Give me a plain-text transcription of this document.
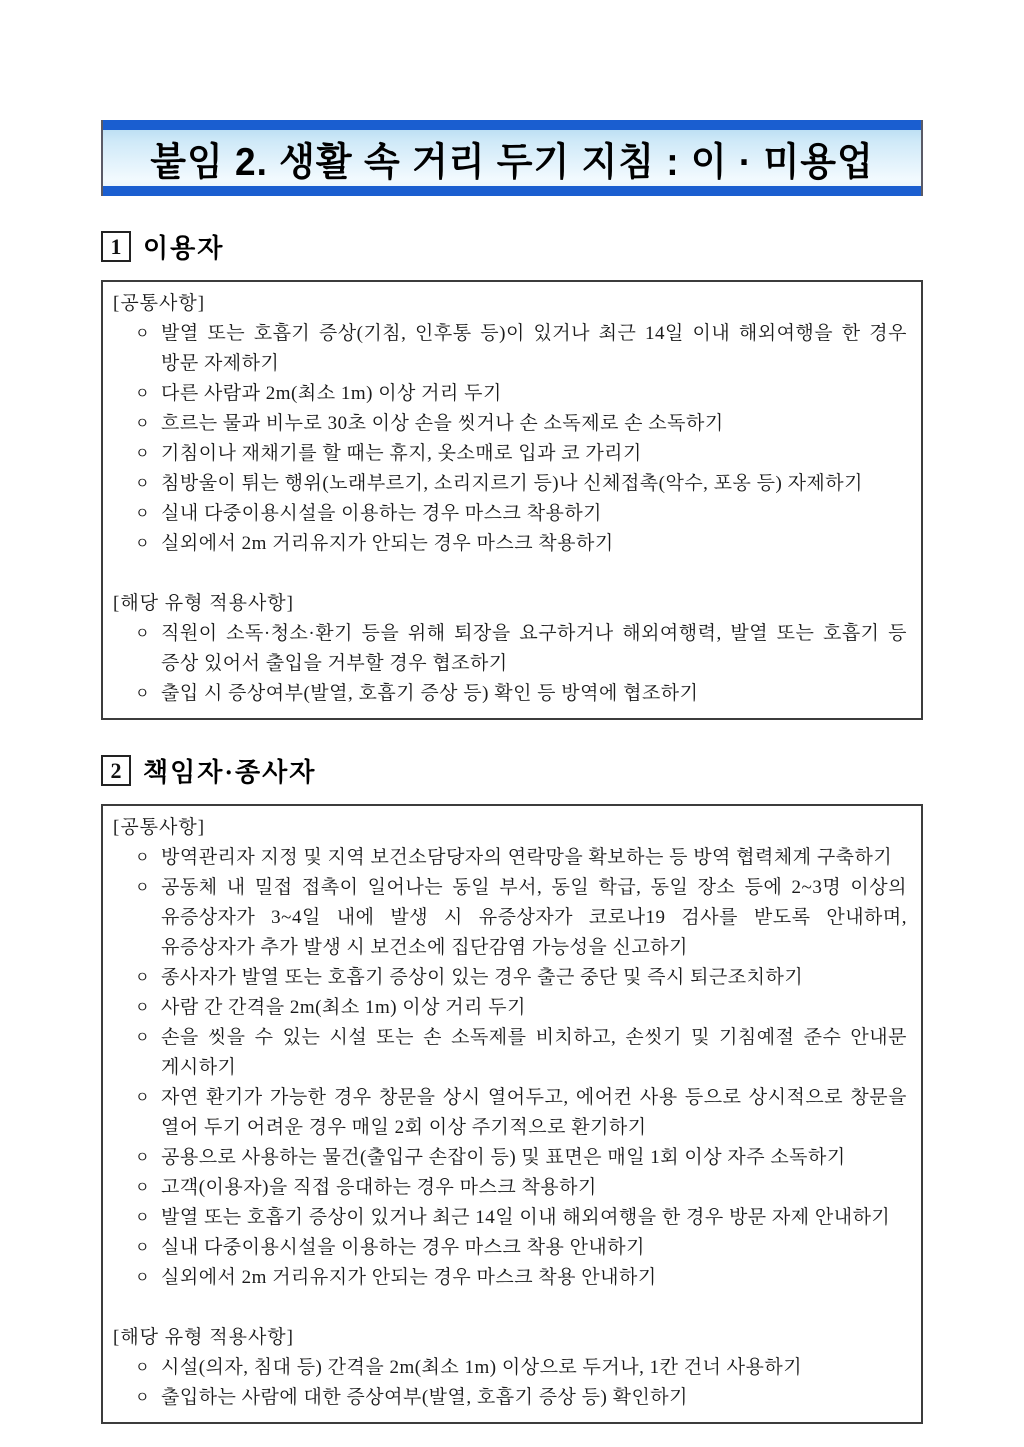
붙임 2. 생활 속 거리 두기 지침 : 이 · 미용업
1 이용자
[공통사항]
ㅇ 발열 또는 호흡기 증상(기침, 인후통 등)이 있거나 최근 14일 이내 해외여행을 한 경우 방문 자제하기
ㅇ 다른 사람과 2m(최소 1m) 이상 거리 두기
ㅇ 흐르는 물과 비누로 30초 이상 손을 씻거나 손 소독제로 손 소독하기
ㅇ 기침이나 재채기를 할 때는 휴지, 옷소매로 입과 코 가리기
ㅇ 침방울이 튀는 행위(노래부르기, 소리지르기 등)나 신체접촉(악수, 포옹 등) 자제하기
ㅇ 실내 다중이용시설을 이용하는 경우 마스크 착용하기
ㅇ 실외에서 2m 거리유지가 안되는 경우 마스크 착용하기
[해당 유형 적용사항]
ㅇ 직원이 소독·청소·환기 등을 위해 퇴장을 요구하거나 해외여행력, 발열 또는 호흡기 등 증상 있어서 출입을 거부할 경우 협조하기
ㅇ 출입 시 증상여부(발열, 호흡기 증상 등) 확인 등 방역에 협조하기
2 책임자·종사자
[공통사항]
ㅇ 방역관리자 지정 및 지역 보건소담당자의 연락망을 확보하는 등 방역 협력체계 구축하기
ㅇ 공동체 내 밀접 접촉이 일어나는 동일 부서, 동일 학급, 동일 장소 등에 2~3명 이상의 유증상자가 3~4일 내에 발생 시 유증상자가 코로나19 검사를 받도록 안내하며, 유증상자가 추가 발생 시 보건소에 집단감염 가능성을 신고하기
ㅇ 종사자가 발열 또는 호흡기 증상이 있는 경우 출근 중단 및 즉시 퇴근조치하기
ㅇ 사람 간 간격을 2m(최소 1m) 이상 거리 두기
ㅇ 손을 씻을 수 있는 시설 또는 손 소독제를 비치하고, 손씻기 및 기침예절 준수 안내문 게시하기
ㅇ 자연 환기가 가능한 경우 창문을 상시 열어두고, 에어컨 사용 등으로 상시적으로 창문을 열어 두기 어려운 경우 매일 2회 이상 주기적으로 환기하기
ㅇ 공용으로 사용하는 물건(출입구 손잡이 등) 및 표면은 매일 1회 이상 자주 소독하기
ㅇ 고객(이용자)을 직접 응대하는 경우 마스크 착용하기
ㅇ 발열 또는 호흡기 증상이 있거나 최근 14일 이내 해외여행을 한 경우 방문 자제 안내하기
ㅇ 실내 다중이용시설을 이용하는 경우 마스크 착용 안내하기
ㅇ 실외에서 2m 거리유지가 안되는 경우 마스크 착용 안내하기
[해당 유형 적용사항]
ㅇ 시설(의자, 침대 등) 간격을 2m(최소 1m) 이상으로 두거나, 1칸 건너 사용하기
ㅇ 출입하는 사람에 대한 증상여부(발열, 호흡기 증상 등) 확인하기
